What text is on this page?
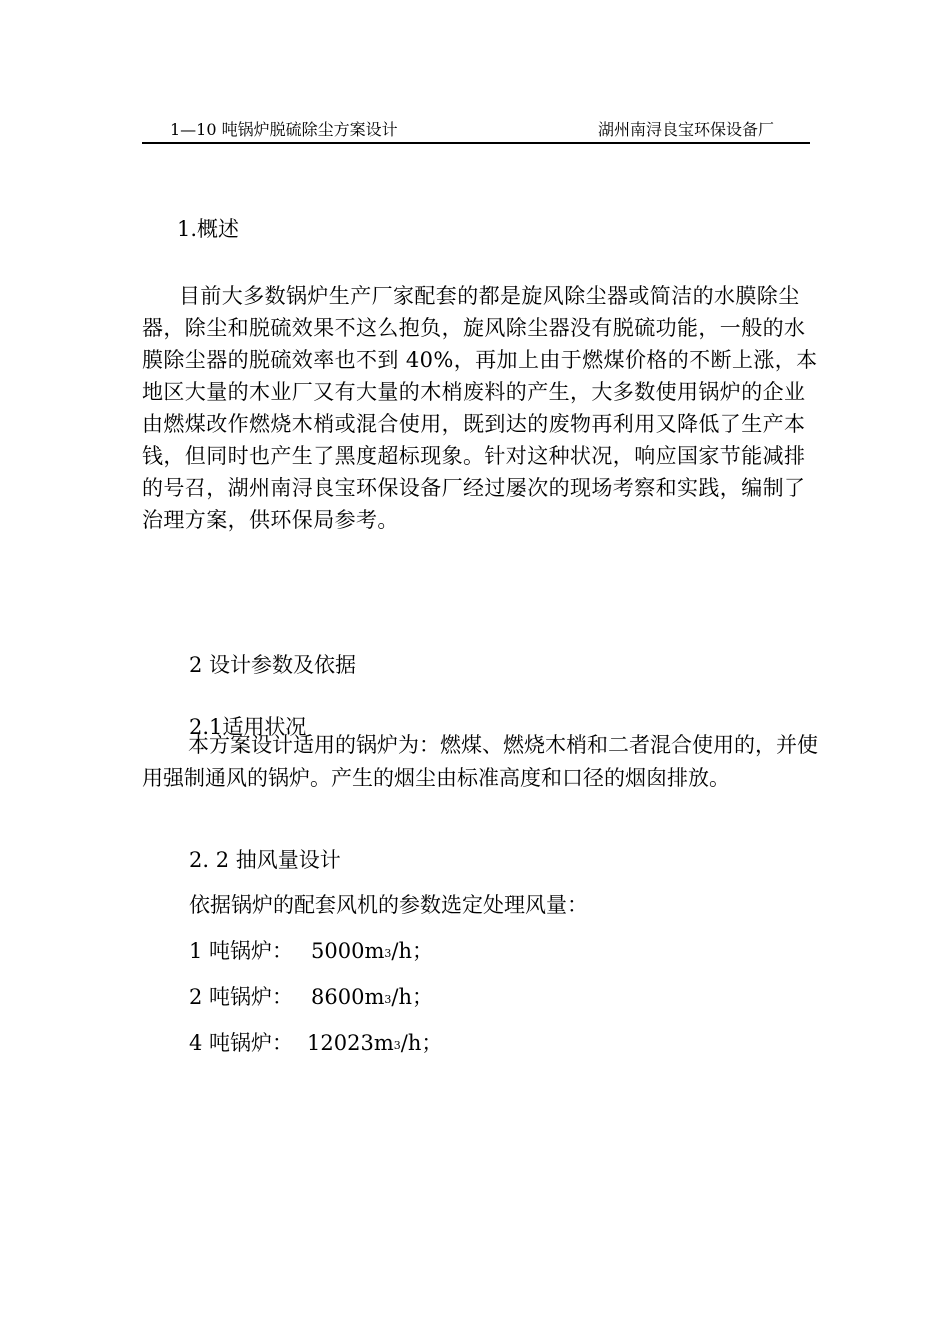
1—10 吨锅炉脱硫除尘方案设计	湖州南浔良宝环保设备厂
1.概述
目前大多数锅炉生产厂家配套的都是旋风除尘器或简洁的水膜除尘器，除尘和脱硫效果不这么抱负，旋风除尘器没有脱硫功能，一般的水膜除尘器的脱硫效率也不到 40%，再加上由于燃煤价格的不断上涨，本地区大量的木业厂又有大量的木梢废料的产生，大多数使用锅炉的企业由燃煤改作燃烧木梢或混合使用，既到达的废物再利用又降低了生产本钱，但同时也产生了黑度超标现象。针对这种状况，响应国家节能减排的号召，湖州南浔良宝环保设备厂经过屡次的现场考察和实践，编制了治理方案，供环保局参考。
2 设计参数及依据
2.1适用状况
本方案设计适用的锅炉为：燃煤、燃烧木梢和二者混合使用的，并使用强制通风的锅炉。产生的烟尘由标准高度和口径的烟囱排放。
2. 2 抽风量设计
依据锅炉的配套风机的参数选定处理风量：
1 吨锅炉： 5000m3/h；
2 吨锅炉： 8600m3/h；
4 吨锅炉： 12023m3/h；
